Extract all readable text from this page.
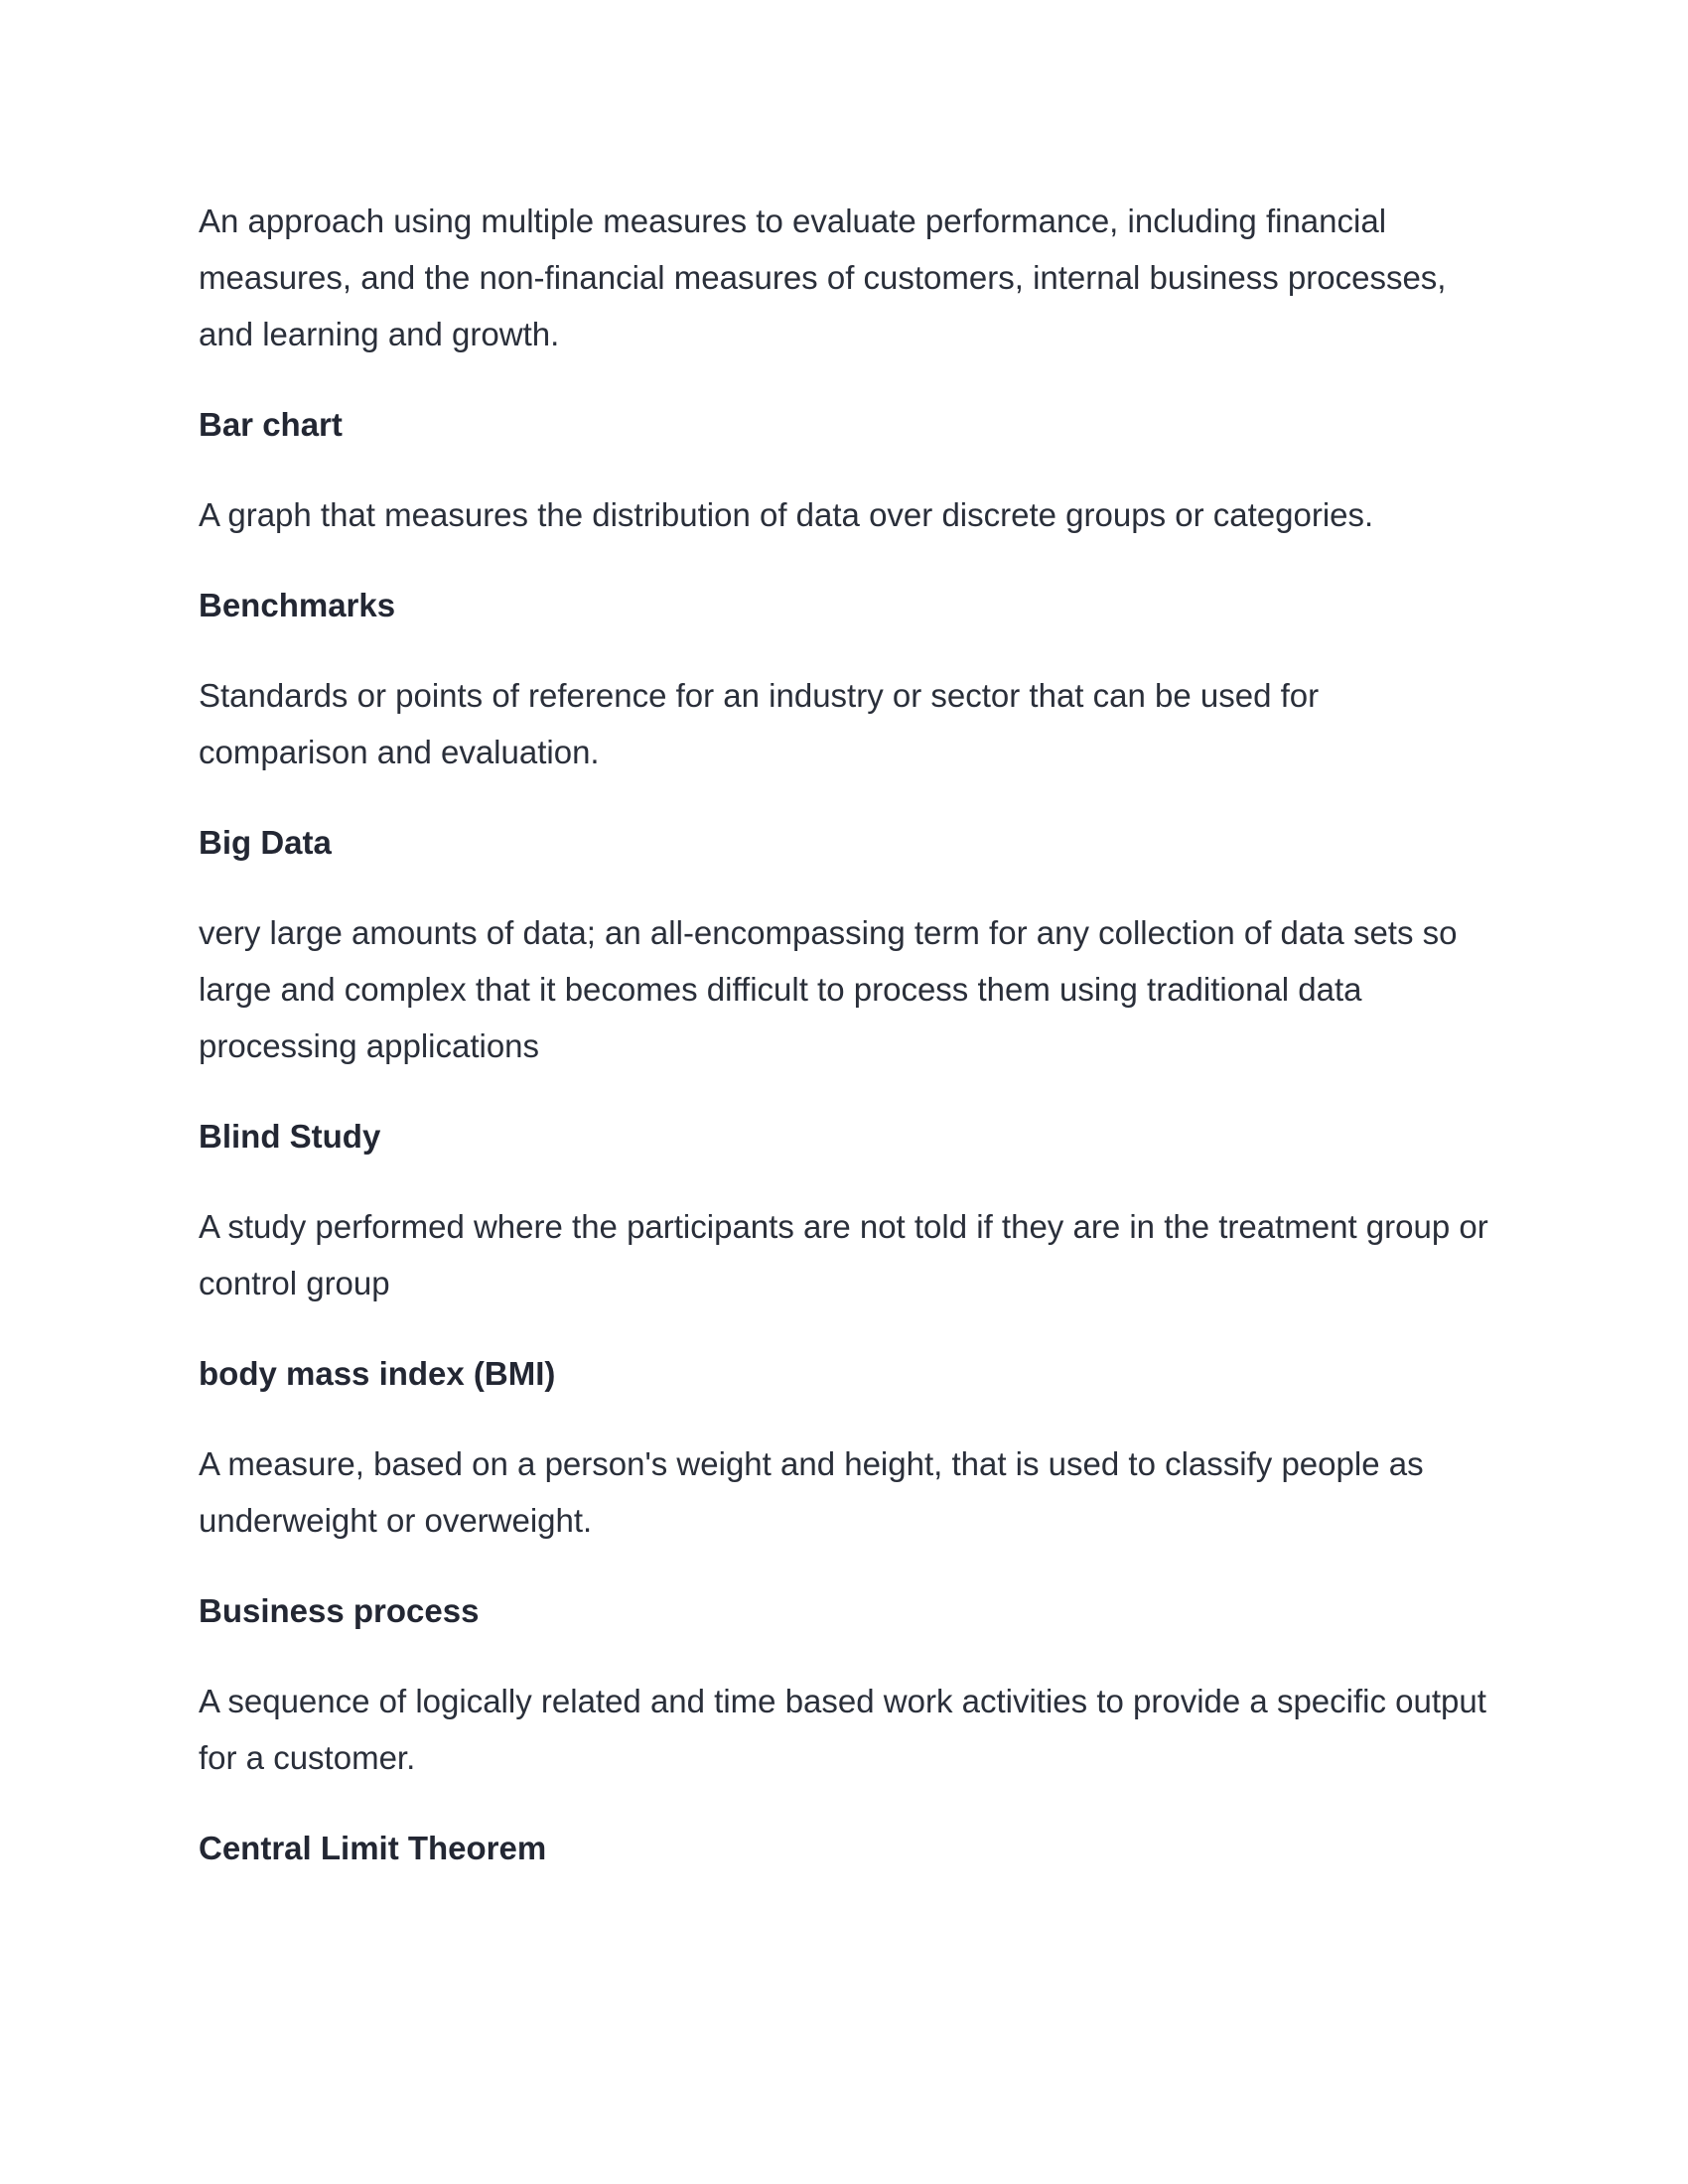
An approach using multiple measures to evaluate performance, including financial measures, and the non-financial measures of customers, internal business processes, and learning and growth.

Bar chart

A graph that measures the distribution of data over discrete groups or categories.

Benchmarks

Standards or points of reference for an industry or sector that can be used for comparison and evaluation.

Big Data

very large amounts of data; an all-encompassing term for any collection of data sets so large and complex that it becomes difficult to process them using traditional data processing applications

Blind Study

A study performed where the participants are not told if they are in the treatment group or control group

body mass index (BMI)

A measure, based on a person's weight and height, that is used to classify people as underweight or overweight.

Business process

A sequence of logically related and time based work activities to provide a specific output for a customer.

Central Limit Theorem
